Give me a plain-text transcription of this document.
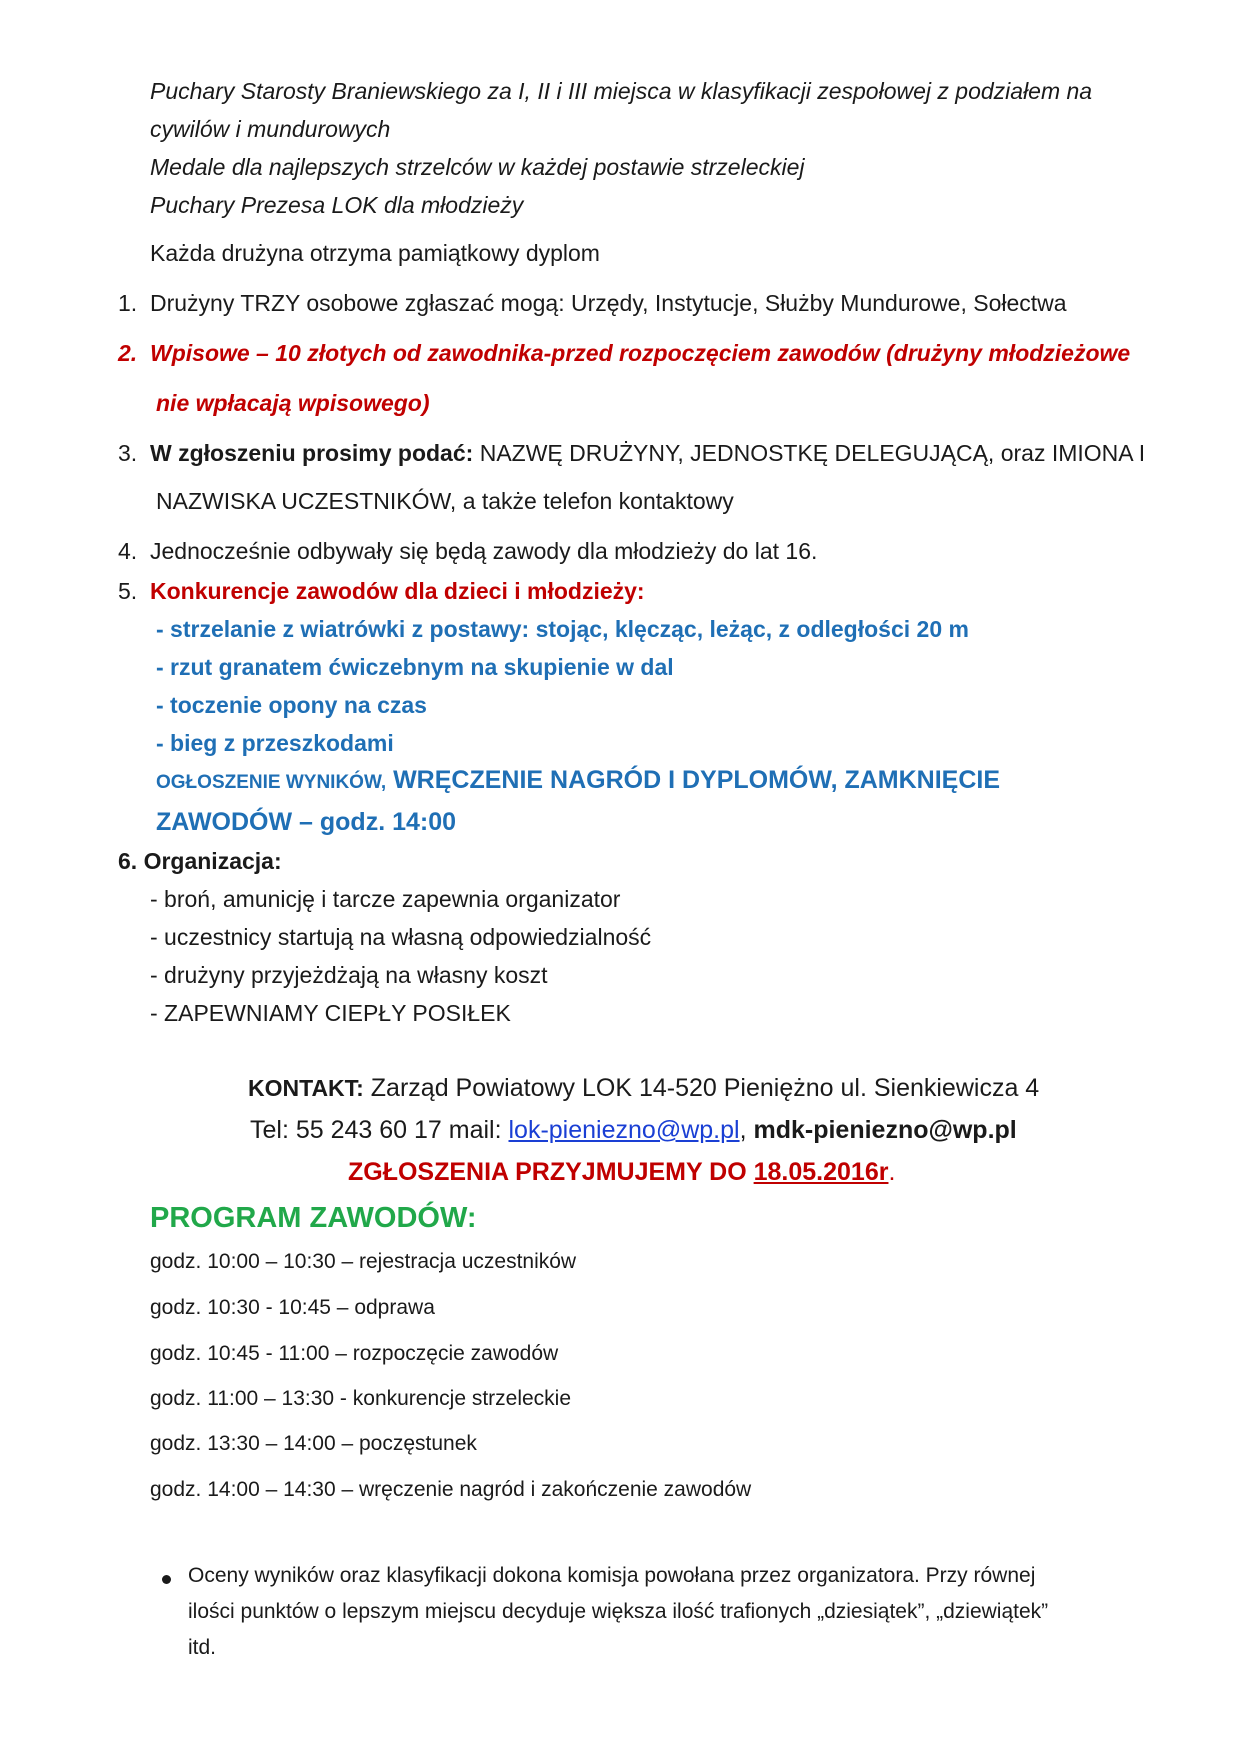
Puchary Starosty Braniewskiego za I, II i III miejsca w klasyfikacji zespołowej z podziałem na
cywilów i mundurowych
Medale dla najlepszych strzelców w każdej postawie strzeleckiej
Puchary Prezesa LOK dla młodzieży
Każda drużyna otrzyma pamiątkowy dyplom
1. Drużyny TRZY osobowe zgłaszać mogą: Urzędy, Instytucje, Służby Mundurowe, Sołectwa
2. Wpisowe – 10 złotych od zawodnika-przed rozpoczęciem zawodów (drużyny młodzieżowe
nie wpłacają wpisowego)
3. W zgłoszeniu prosimy podać: NAZWĘ DRUŻYNY, JEDNOSTKĘ DELEGUJĄCĄ, oraz IMIONA I
NAZWISKA UCZESTNIKÓW, a także telefon kontaktowy
4. Jednocześnie odbywały się będą zawody dla młodzieży do lat 16.
5. Konkurencje zawodów dla dzieci i młodzieży:
- strzelanie z wiatrówki z postawy: stojąc, klęcząc, leżąc, z odległości 20 m
- rzut granatem ćwiczebnym na skupienie w dal
- toczenie opony na czas
- bieg z przeszkodami
OGŁOSZENIE WYNIKÓW, WRĘCZENIE NAGRÓD I DYPLOMÓW, ZAMKNIĘCIE
ZAWODÓW – godz. 14:00
6. Organizacja:
- broń, amunicję i tarcze zapewnia organizator
- uczestnicy startują na własną odpowiedzialność
- drużyny przyjeżdżają na własny koszt
- ZAPEWNIAMY CIEPŁY POSIŁEK
KONTAKT: Zarząd Powiatowy LOK 14-520 Pieniężno ul. Sienkiewicza 4
Tel: 55 243 60 17 mail: lok-pieniezno@wp.pl, mdk-pieniezno@wp.pl
ZGŁOSZENIA PRZYJMUJEMY DO 18.05.2016r.
PROGRAM ZAWODÓW:
godz. 10:00 – 10:30 – rejestracja uczestników
godz. 10:30 - 10:45 – odprawa
godz. 10:45 - 11:00 – rozpoczęcie zawodów
godz. 11:00 – 13:30 - konkurencje strzeleckie
godz. 13:30 – 14:00 – poczęstunek
godz. 14:00 – 14:30 – wręczenie nagród i zakończenie zawodów
Oceny wyników oraz klasyfikacji dokona komisja powołana przez organizatora. Przy równej
ilości punktów o lepszym miejscu decyduje większa ilość trafionych „dziesiątek”, „dziewiątek”
itd.
